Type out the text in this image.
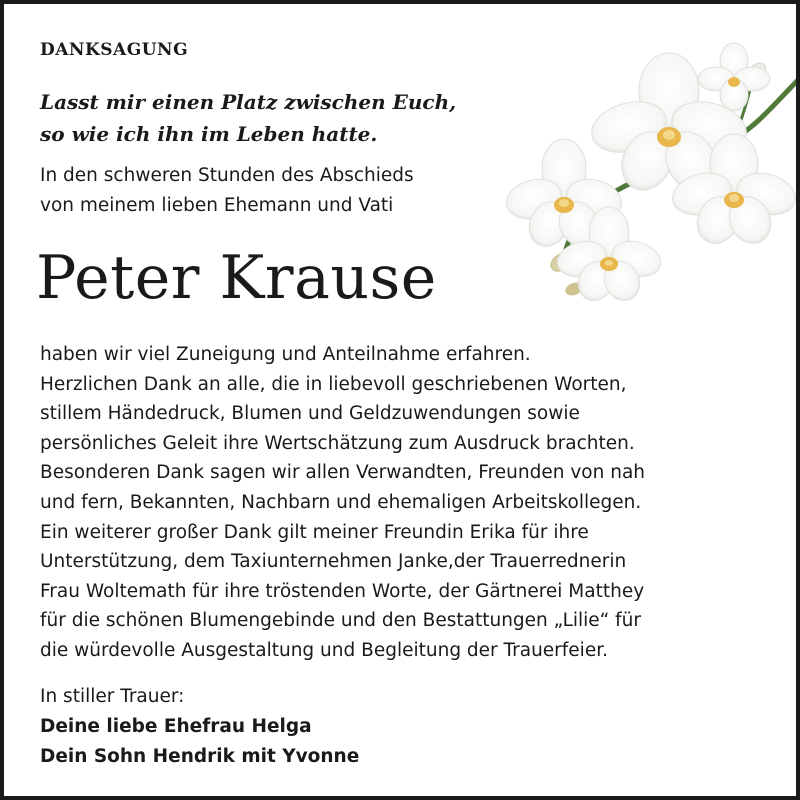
DANKSAGUNG
Lasst mir einen Platz zwischen Euch,
so wie ich ihn im Leben hatte.
In den schweren Stunden des Abschieds
von meinem lieben Ehemann und Vati
Peter Krause
haben wir viel Zuneigung und Anteilnahme erfahren.
Herzlichen Dank an alle, die in liebevoll geschriebenen Worten,
stillem Händedruck, Blumen und Geldzuwendungen sowie
persönliches Geleit ihre Wertschätzung zum Ausdruck brachten.
Besonderen Dank sagen wir allen Verwandten, Freunden von nah
und fern, Bekannten, Nachbarn und ehemaligen Arbeitskollegen.
Ein weiterer großer Dank gilt meiner Freundin Erika für ihre
Unterstützung, dem Taxiunternehmen Janke,der Trauerrednerin
Frau Woltemath für ihre tröstenden Worte, der Gärtnerei Matthey
für die schönen Blumengebinde und den Bestattungen „Lilie“ für
die würdevolle Ausgestaltung und Begleitung der Trauerfeier.
In stiller Trauer:
Deine liebe Ehefrau Helga
Dein Sohn Hendrik mit Yvonne
